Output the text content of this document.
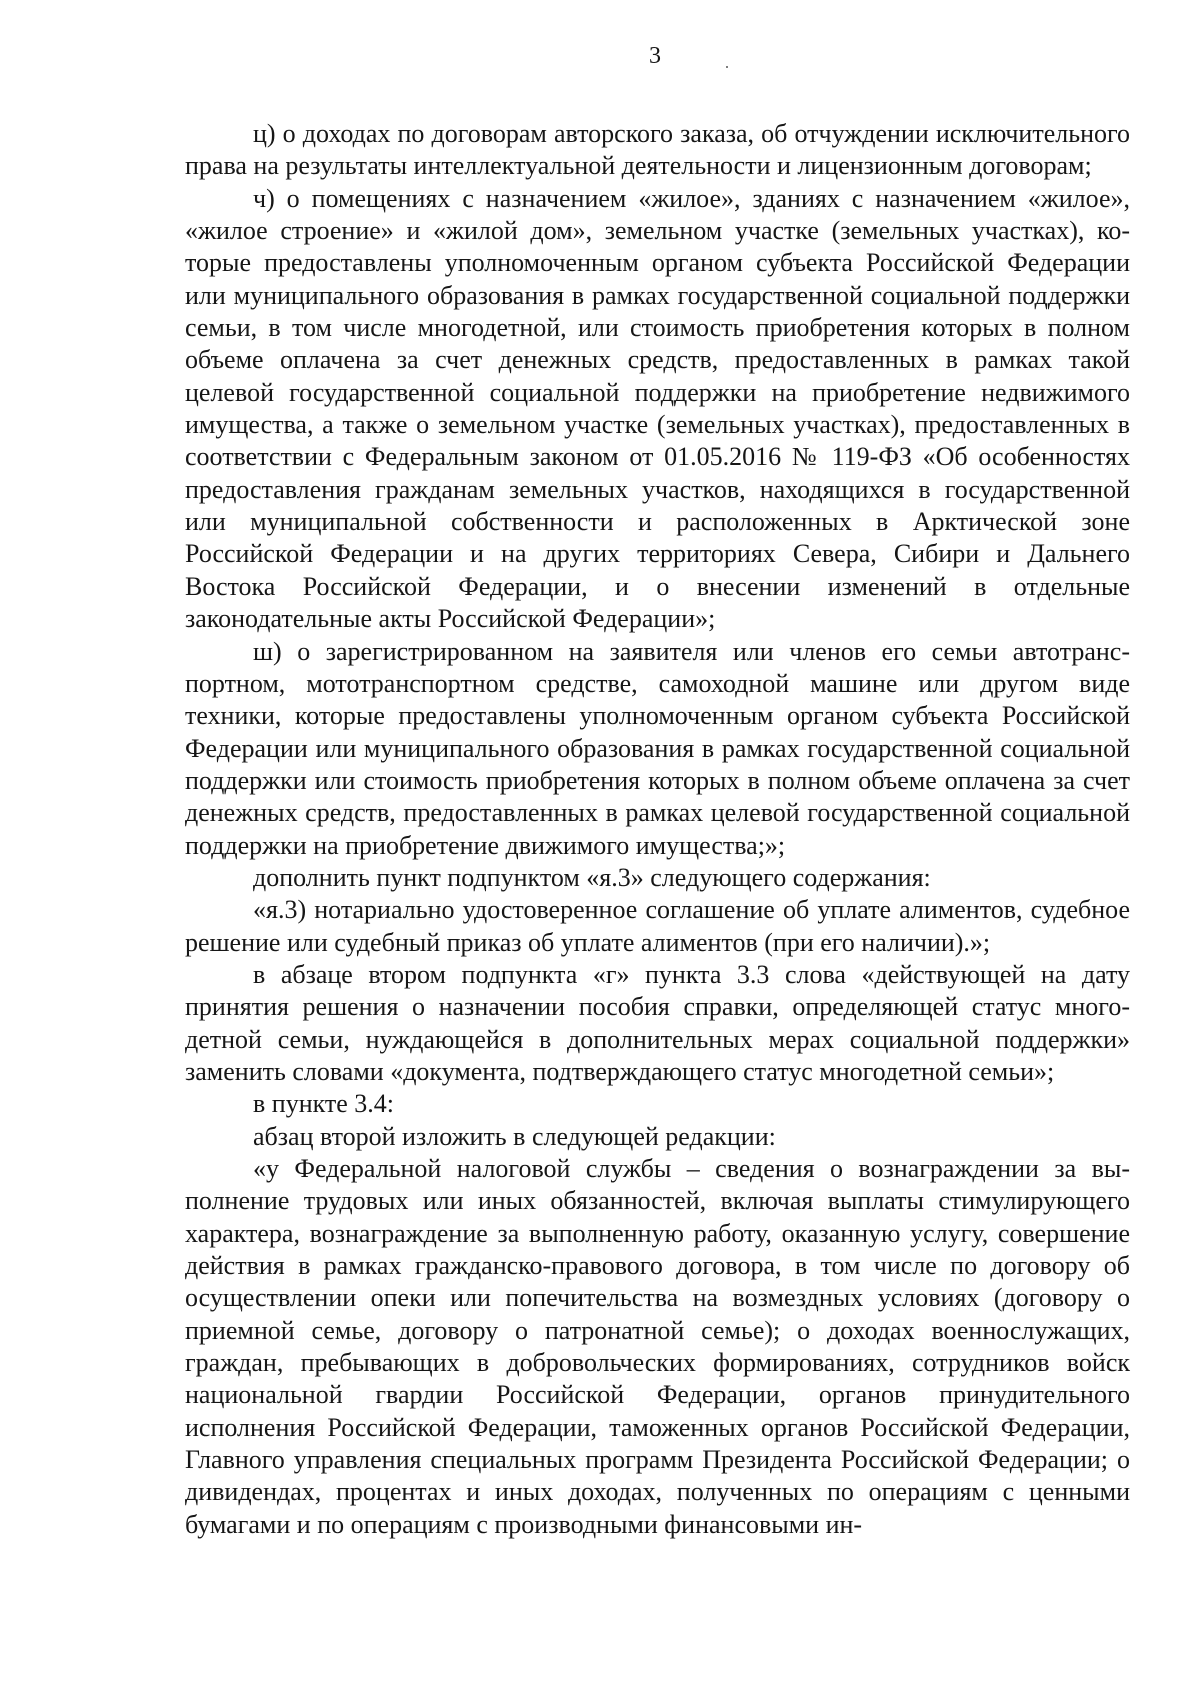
3

ц) о доходах по договорам авторского заказа, об отчуждении исключительного права на результаты интеллектуальной деятельности и лицензионным договорам;

ч) о помещениях с назначением «жилое», зданиях с назначением «жилое», «жилое строение» и «жилой дом», земельном участке (земельных участках), которые предоставлены уполномоченным органом субъекта Российской Федерации или муниципального образования в рамках государственной социальной поддержки семьи, в том числе многодетной, или стоимость приобретения которых в полном объеме оплачена за счет денежных средств, предоставленных в рамках такой целевой государственной социальной поддержки на приобретение недвижимого имущества, а также о земельном участке (земельных участках), предоставленных в соответствии с Федеральным законом от 01.05.2016 № 119-ФЗ «Об особенностях предоставления гражданам земельных участков, находящихся в государственной или муниципальной собственности и расположенных в Арктической зоне Российской Федерации и на других территориях Севера, Сибири и Дальнего Востока Российской Федерации, и о внесении изменений в отдельные законодательные акты Российской Федерации»;

ш) о зарегистрированном на заявителя или членов его семьи автотранспортном, мототранспортном средстве, самоходной машине или другом виде техники, которые предоставлены уполномоченным органом субъекта Российской Федерации или муниципального образования в рамках государственной социальной поддержки или стоимость приобретения которых в полном объеме оплачена за счет денежных средств, предоставленных в рамках целевой государственной социальной поддержки на приобретение движимого имущества;»;

дополнить пункт подпунктом «я.3» следующего содержания:

«я.3) нотариально удостоверенное соглашение об уплате алиментов, судебное решение или судебный приказ об уплате алиментов (при его наличии).»;

в абзаце втором подпункта «г» пункта 3.3 слова «действующей на дату принятия решения о назначении пособия справки, определяющей статус многодетной семьи, нуждающейся в дополнительных мерах социальной поддержки» заменить словами «документа, подтверждающего статус многодетной семьи»;

в пункте 3.4:

абзац второй изложить в следующей редакции:

«у Федеральной налоговой службы – сведения о вознаграждении за выполнение трудовых или иных обязанностей, включая выплаты стимулирующего характера, вознаграждение за выполненную работу, оказанную услугу, совершение действия в рамках гражданско-правового договора, в том числе по договору об осуществлении опеки или попечительства на возмездных условиях (договору о приемной семье, договору о патронатной семье); о доходах военнослужащих, граждан, пребывающих в добровольческих формированиях, сотрудников войск национальной гвардии Российской Федерации, органов принудительного исполнения Российской Федерации, таможенных органов Российской Федерации, Главного управления специальных программ Президента Российской Федерации; о дивидендах, процентах и иных доходах, полученных по операциям с ценными бумагами и по операциям с производными финансовыми ин-
